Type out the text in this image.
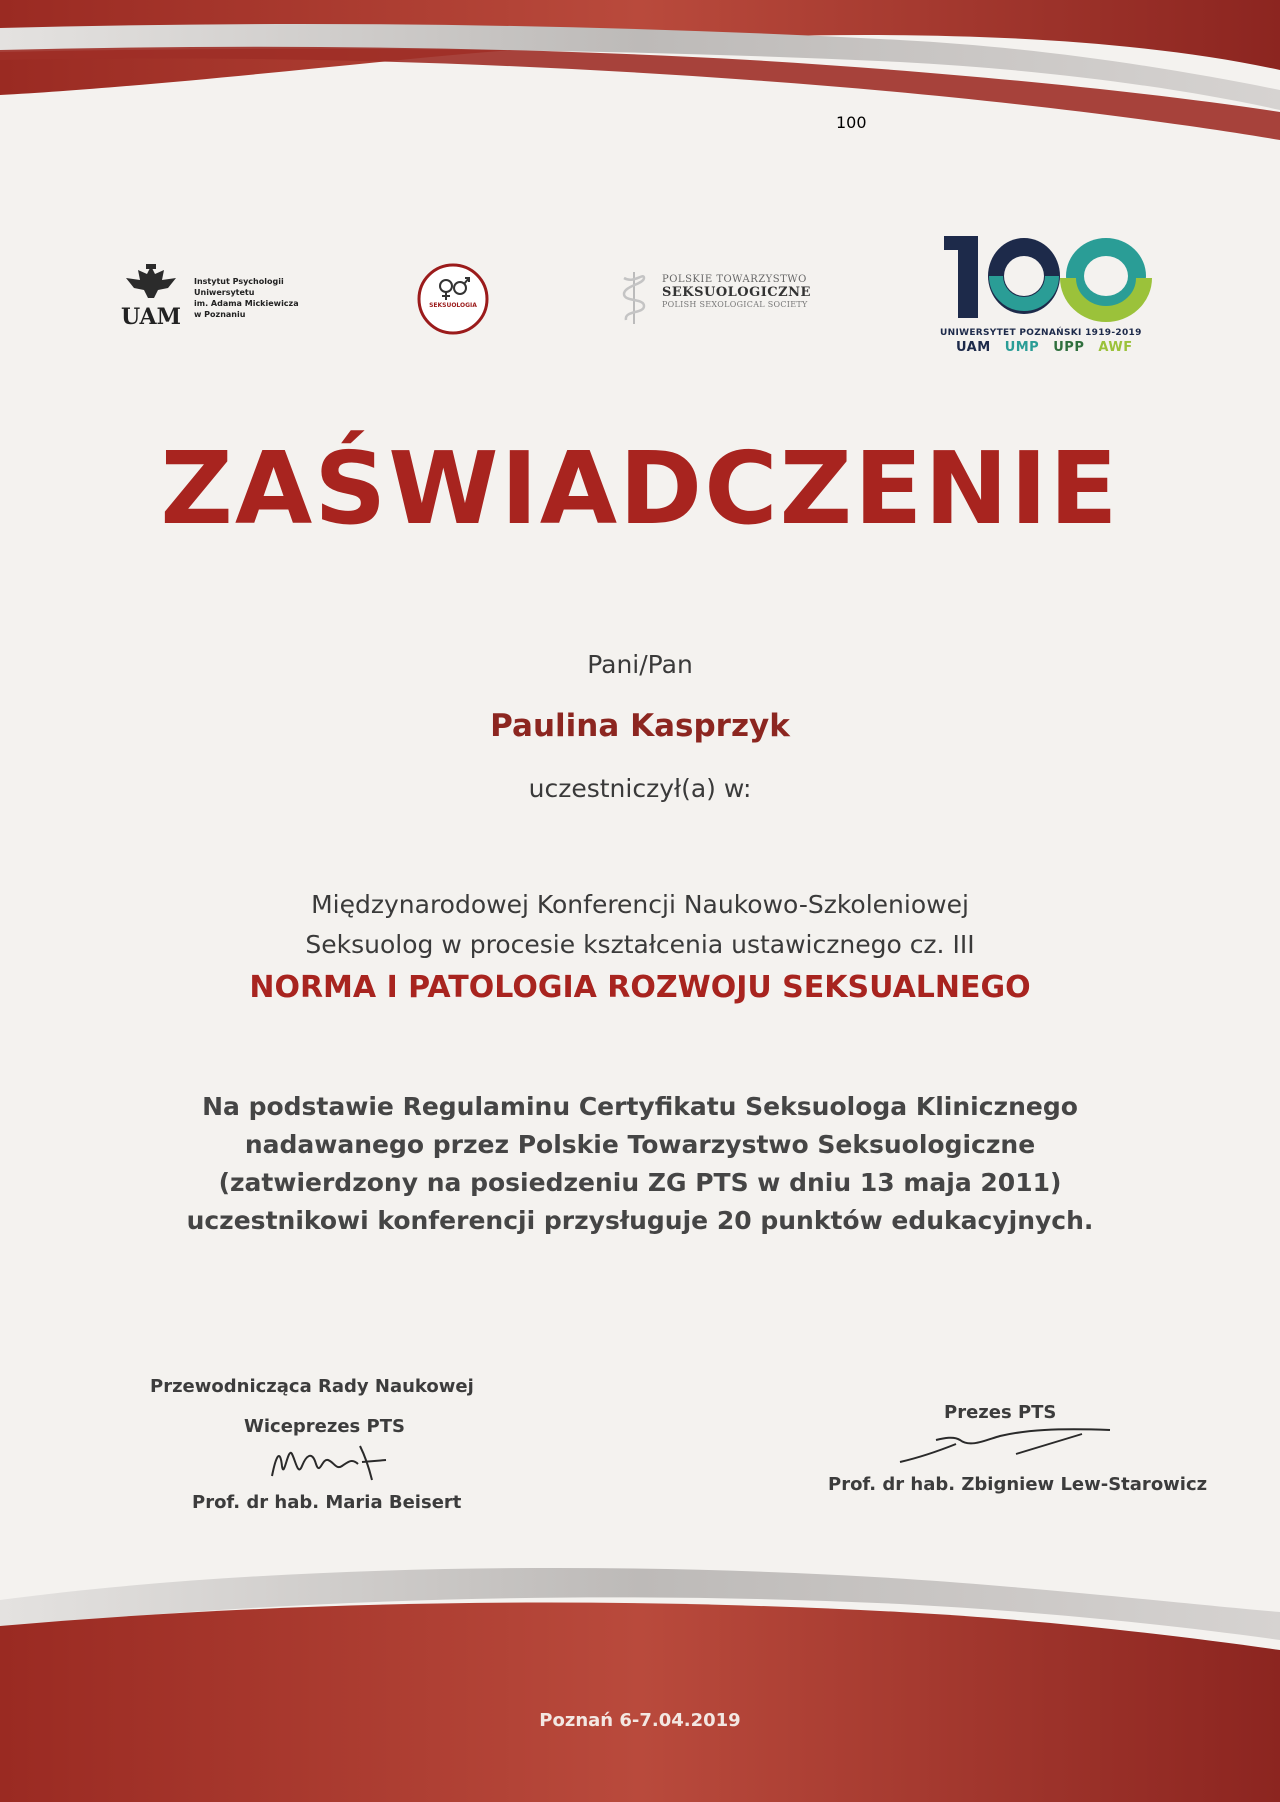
UAM
Instytut Psychologii
Uniwersytetu
im. Adama Mickiewicza
w Poznaniu
SEKSUOLOGIA
POLSKIE TOWARZYSTWO
SEKSUOLOGICZNE
POLISH SEXOLOGICAL SOCIETY
100
UNIWERSYTET POZNAŃSKI 1919-2019
UAM UMP UPP AWF
ZAŚWIADCZENIE
Pani/Pan
Paulina Kasprzyk
uczestniczył(a) w:
Międzynarodowej Konferencji Naukowo-Szkoleniowej
Seksuolog w procesie kształcenia ustawicznego cz. III
NORMA I PATOLOGIA ROZWOJU SEKSUALNEGO
Na podstawie Regulaminu Certyfikatu Seksuologa Klinicznego
nadawanego przez Polskie Towarzystwo Seksuologiczne
(zatwierdzony na posiedzeniu ZG PTS w dniu 13 maja 2011)
uczestnikowi konferencji przysługuje 20 punktów edukacyjnych.
Przewodnicząca Rady Naukowej
Wiceprezes PTS
Prof. dr hab. Maria Beisert
Prezes PTS
Prof. dr hab. Zbigniew Lew-Starowicz
Poznań 6-7.04.2019
